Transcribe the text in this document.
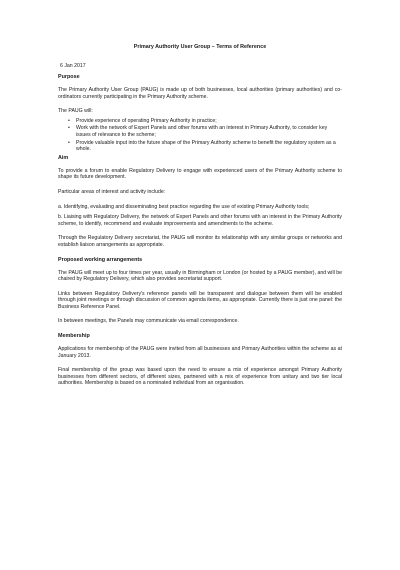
Primary Authority User Group – Terms of Reference
6 Jan 2017
Purpose
The Primary Authority User Group (PAUG) is made up of both businesses, local authorities (primary authorities) and co-ordinators currently participating in the Primary Authority scheme.
The PAUG will:
• Provide experience of operating Primary Authority in practice;
• Work with the network of Expert Panels and other forums with an interest in Primary Authority, to consider key issues of relevance to the scheme;
• Provide valuable input into the future shape of the Primary Authority scheme to benefit the regulatory system as a whole.
Aim
To provide a forum to enable Regulatory Delivery to engage with experienced users of the Primary Authority scheme to shape its future development.
Particular areas of interest and activity include:
a. Identifying, evaluating and disseminating best practice regarding the use of existing Primary Authority tools;
b. Liaising with Regulatory Delivery, the network of Expert Panels and other forums with an interest in the Primary Authority scheme, to identify, recommend and evaluate improvements and amendments to the scheme.
Through the Regulatory Delivery secretariat, the PAUG will monitor its relationship with any similar groups or networks and establish liaison arrangements as appropriate.
Proposed working arrangements
The PAUG will meet up to four times per year, usually in Birmingham or London (or hosted by a PAUG member), and will be chaired by Regulatory Delivery, which also provides secretariat support.
Links between Regulatory Delivery's reference panels will be transparent and dialogue between them will be enabled through joint meetings or through discussion of common agenda items, as appropriate. Currently there is just one panel: the Business Reference Panel.
In between meetings, the Panels may communicate via email correspondence.
Membership
Applications for membership of the PAUG were invited from all businesses and Primary Authorities within the scheme as at January 2013.
Final membership of the group was based upon the need to ensure a mix of experience amongst Primary Authority businesses from different sectors, of different sizes, partnered with a mix of experience from unitary and two tier local authorities. Membership is based on a nominated individual from an organisation.
